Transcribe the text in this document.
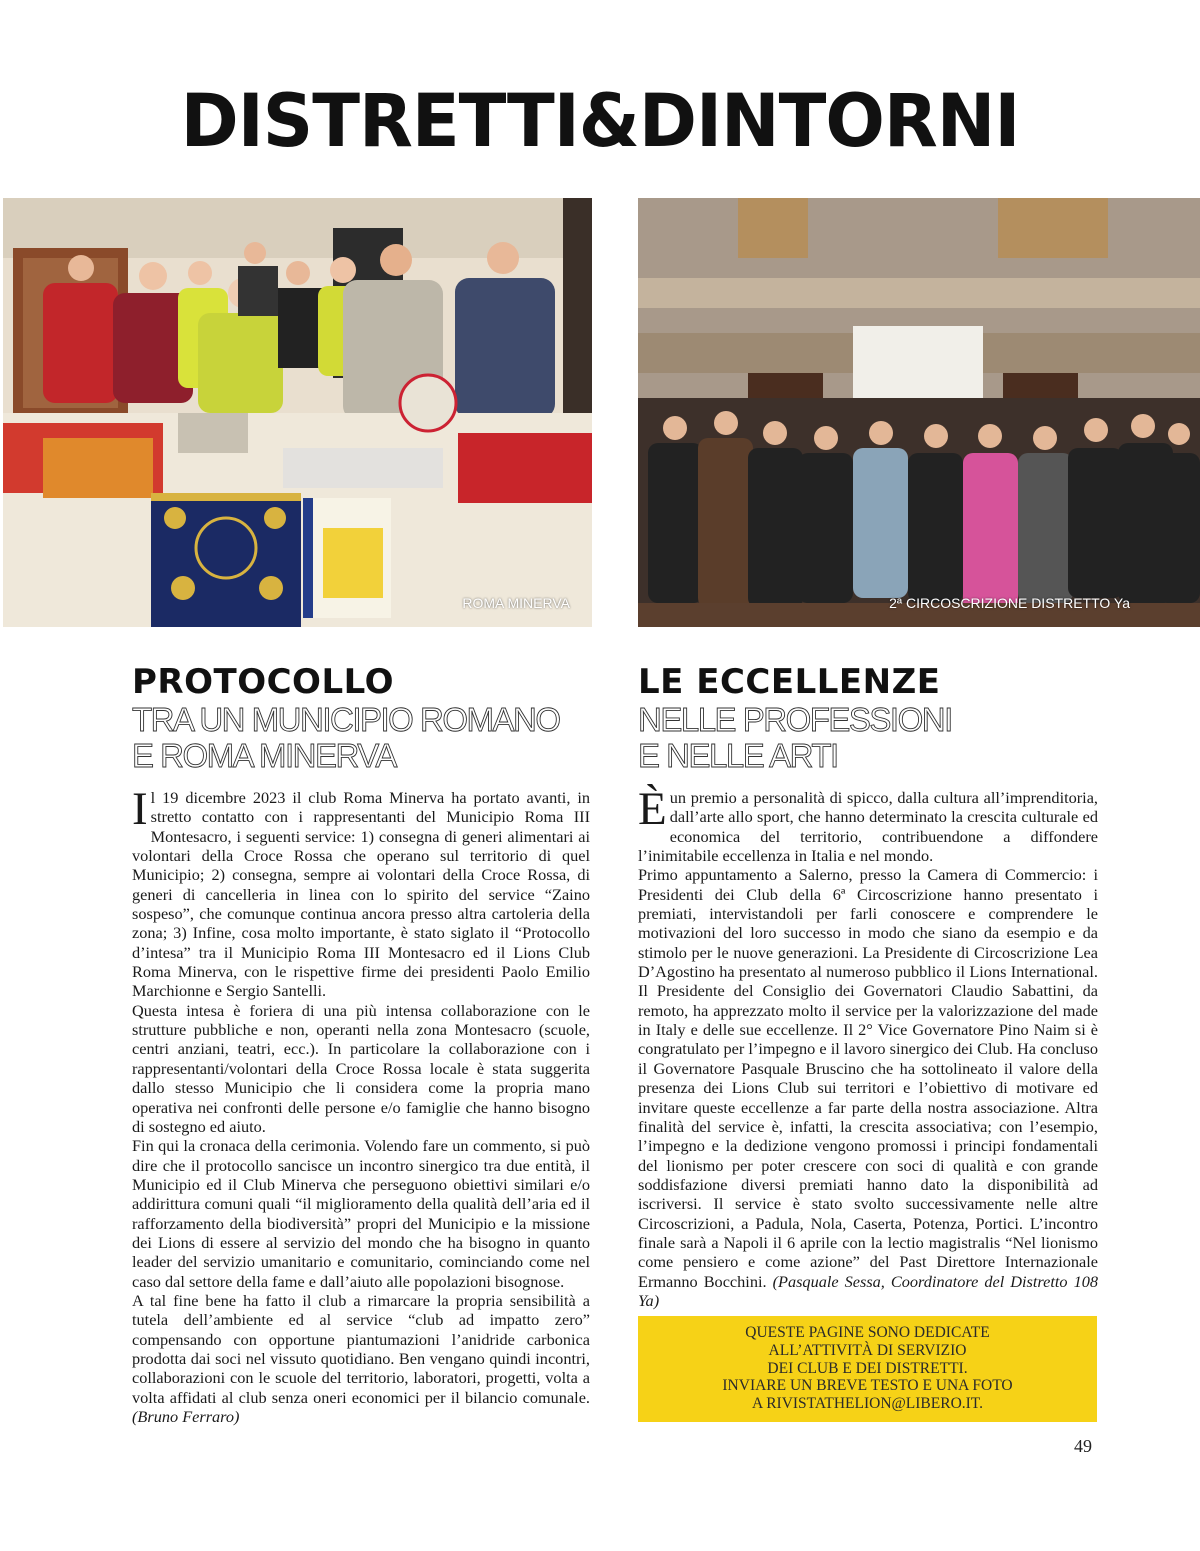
DISTRETTI&DINTORNI
ROMA MINERVA	2ª CIRCOSCRIZIONE DISTRETTO Ya
PROTOCOLLO
TRA UN MUNICIPIO ROMANO
E ROMA MINERVA

Il 19 dicembre 2023 il club Roma Minerva ha portato avanti, in stretto contatto con i rappresentanti del Municipio Roma III Montesacro, i seguenti service: 1) consegna di generi alimentari ai volontari della Croce Rossa che operano sul territorio di quel Municipio; 2) consegna, sempre ai volontari della Croce Rossa, di generi di cancelleria in linea con lo spirito del service “Zaino sospeso”, che comunque continua ancora presso altra cartoleria della zona; 3) Infine, cosa molto importante, è stato siglato il “Protocollo d’intesa” tra il Municipio Roma III Montesacro ed il Lions Club Roma Minerva, con le rispettive firme dei presidenti Paolo Emilio Marchionne e Sergio Santelli.

Questa intesa è foriera di una più intensa collaborazione con le strutture pubbliche e non, operanti nella zona Montesacro (scuole, centri anziani, teatri, ecc.). In particolare la collaborazione con i rappresentanti/volontari della Croce Rossa locale è stata suggerita dallo stesso Municipio che li considera come la propria mano operativa nei confronti delle persone e/o famiglie che hanno bisogno di sostegno ed aiuto.

Fin qui la cronaca della cerimonia. Volendo fare un commento, si può dire che il protocollo sancisce un incontro sinergico tra due entità, il Municipio ed il Club Minerva che perseguono obiettivi similari e/o addirittura comuni quali “il miglioramento della qualità dell’aria ed il rafforzamento della biodiversità” propri del Municipio e la missione dei Lions di essere al servizio del mondo che ha bisogno in quanto leader del servizio umanitario e comunitario, cominciando come nel caso dal settore della fame e dall’aiuto alle popolazioni bisognose.

A tal fine bene ha fatto il club a rimarcare la propria sensibilità a tutela dell’ambiente ed al service “club ad impatto zero” compensando con opportune piantumazioni l’anidride carbonica prodotta dai soci nel vissuto quotidiano. Ben vengano quindi incontri, collaborazioni con le scuole del territorio, laboratori, progetti, volta a volta affidati al club senza oneri economici per il bilancio comunale. (Bruno Ferraro)

LE ECCELLENZE
NELLE PROFESSIONI
E NELLE ARTI

Èun premio a personalità di spicco, dalla cultura all’imprenditoria, dall’arte allo sport, che hanno determinato la crescita culturale ed economica del territorio, contribuendone a diffondere l’inimitabile eccellenza in Italia e nel mondo.

Primo appuntamento a Salerno, presso la Camera di Commercio: i Presidenti dei Club della 6ª Circoscrizione hanno presentato i premiati, intervistandoli per farli conoscere e comprendere le motivazioni del loro successo in modo che siano da esempio e da stimolo per le nuove generazioni. La Presidente di Circoscrizione Lea D’Agostino ha presentato al numeroso pubblico il Lions International. Il Presidente del Consiglio dei Governatori Claudio Sabattini, da remoto, ha apprezzato molto il service per la valorizzazione del made in Italy e delle sue eccellenze. Il 2° Vice Governatore Pino Naim si è congratulato per l’impegno e il lavoro sinergico dei Club. Ha concluso il Governatore Pasquale Bruscino che ha sottolineato il valore della presenza dei Lions Club sui territori e l’obiettivo di motivare ed invitare queste eccellenze a far parte della nostra associazione. Altra finalità del service è, infatti, la crescita associativa; con l’esempio, l’impegno e la dedizione vengono promossi i principi fondamentali del lionismo per poter crescere con soci di qualità e con grande soddisfazione diversi premiati hanno dato la disponibilità ad iscriversi. Il service è stato svolto successivamente nelle altre Circoscrizioni, a Padula, Nola, Caserta, Potenza, Portici. L’incontro finale sarà a Napoli il 6 aprile con la lectio magistralis “Nel lionismo come pensiero e come azione” del Past Direttore Internazionale Ermanno Bocchini. (Pasquale Sessa, Coordinatore del Distretto 108 Ya)

QUESTE PAGINE SONO DEDICATE
ALL’ATTIVITÀ DI SERVIZIO
DEI CLUB E DEI DISTRETTI.
INVIARE UN BREVE TESTO E UNA FOTO
A RIVISTATHELION@LIBERO.IT.
49
